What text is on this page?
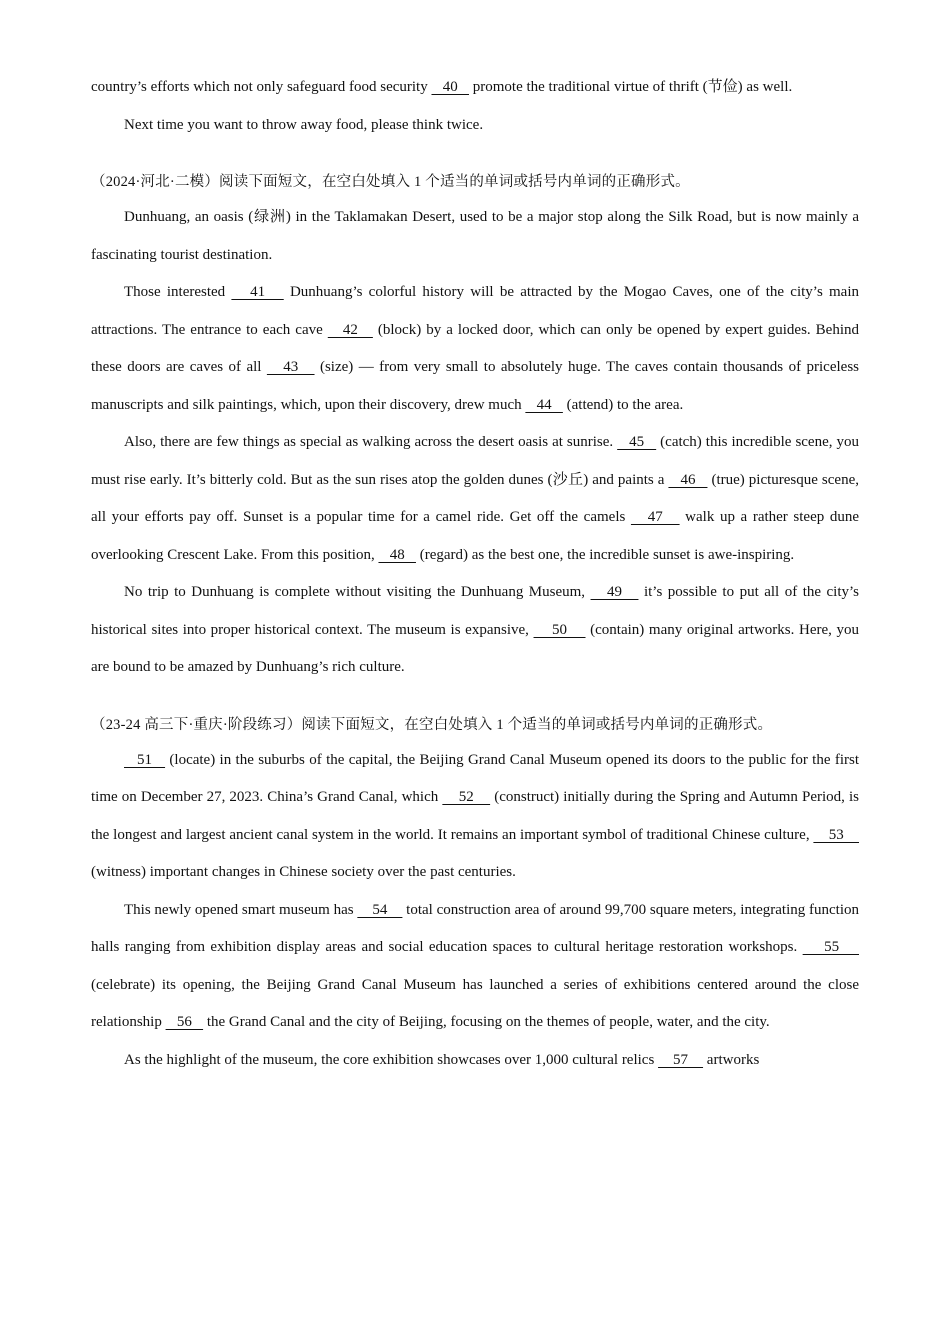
country’s efforts which not only safeguard food security    40    promote the traditional virtue of thrift (节俭) as well.

Next time you want to throw away food, please think twice.

（2024·河北·二模）阅读下面短文，在空白处填入 1 个适当的单词或括号内单词的正确形式。

Dunhuang, an oasis (绿洲) in the Taklamakan Desert, used to be a major stop along the Silk Road, but is now mainly a fascinating tourist destination.

Those interested    41    Dunhuang’s colorful history will be attracted by the Mogao Caves, one of the city’s main attractions. The entrance to each cave    42    (block) by a locked door, which can only be opened by expert guides. Behind these doors are caves of all    43    (size) — from very small to absolutely huge. The caves contain thousands of priceless manuscripts and silk paintings, which, upon their discovery, drew much    44    (attend) to the area.

Also, there are few things as special as walking across the desert oasis at sunrise.    45    (catch) this incredible scene, you must rise early. It’s bitterly cold. But as the sun rises atop the golden dunes (沙丘) and paints a    46    (true) picturesque scene, all your efforts pay off. Sunset is a popular time for a camel ride. Get off the camels    47    walk up a rather steep dune overlooking Crescent Lake. From this position,    48    (regard) as the best one, the incredible sunset is awe-inspiring.

No trip to Dunhuang is complete without visiting the Dunhuang Museum,    49    it’s possible to put all of the city’s historical sites into proper historical context. The museum is expansive,     50     (contain) many original artworks. Here, you are bound to be amazed by Dunhuang’s rich culture.

（23-24 高三下·重庆·阶段练习）阅读下面短文，在空白处填入 1 个适当的单词或括号内单词的正确形式。

51    (locate) in the suburbs of the capital, the Beijing Grand Canal Museum opened its doors to the public for the first time on December 27, 2023. China’s Grand Canal, which     52     (construct) initially during the Spring and Autumn Period, is the longest and largest ancient canal system in the world. It remains an important symbol of traditional Chinese culture,     53     (witness) important changes in Chinese society over the past centuries.

This newly opened smart museum has     54     total construction area of around 99,700 square meters, integrating function halls ranging from exhibition display areas and social education spaces to cultural heritage restoration workshops.     55     (celebrate) its opening, the Beijing Grand Canal Museum has launched a series of exhibitions centered around the close relationship    56    the Grand Canal and the city of Beijing, focusing on the themes of people, water, and the city.

As the highlight of the museum, the core exhibition showcases over 1,000 cultural relics     57     artworks
